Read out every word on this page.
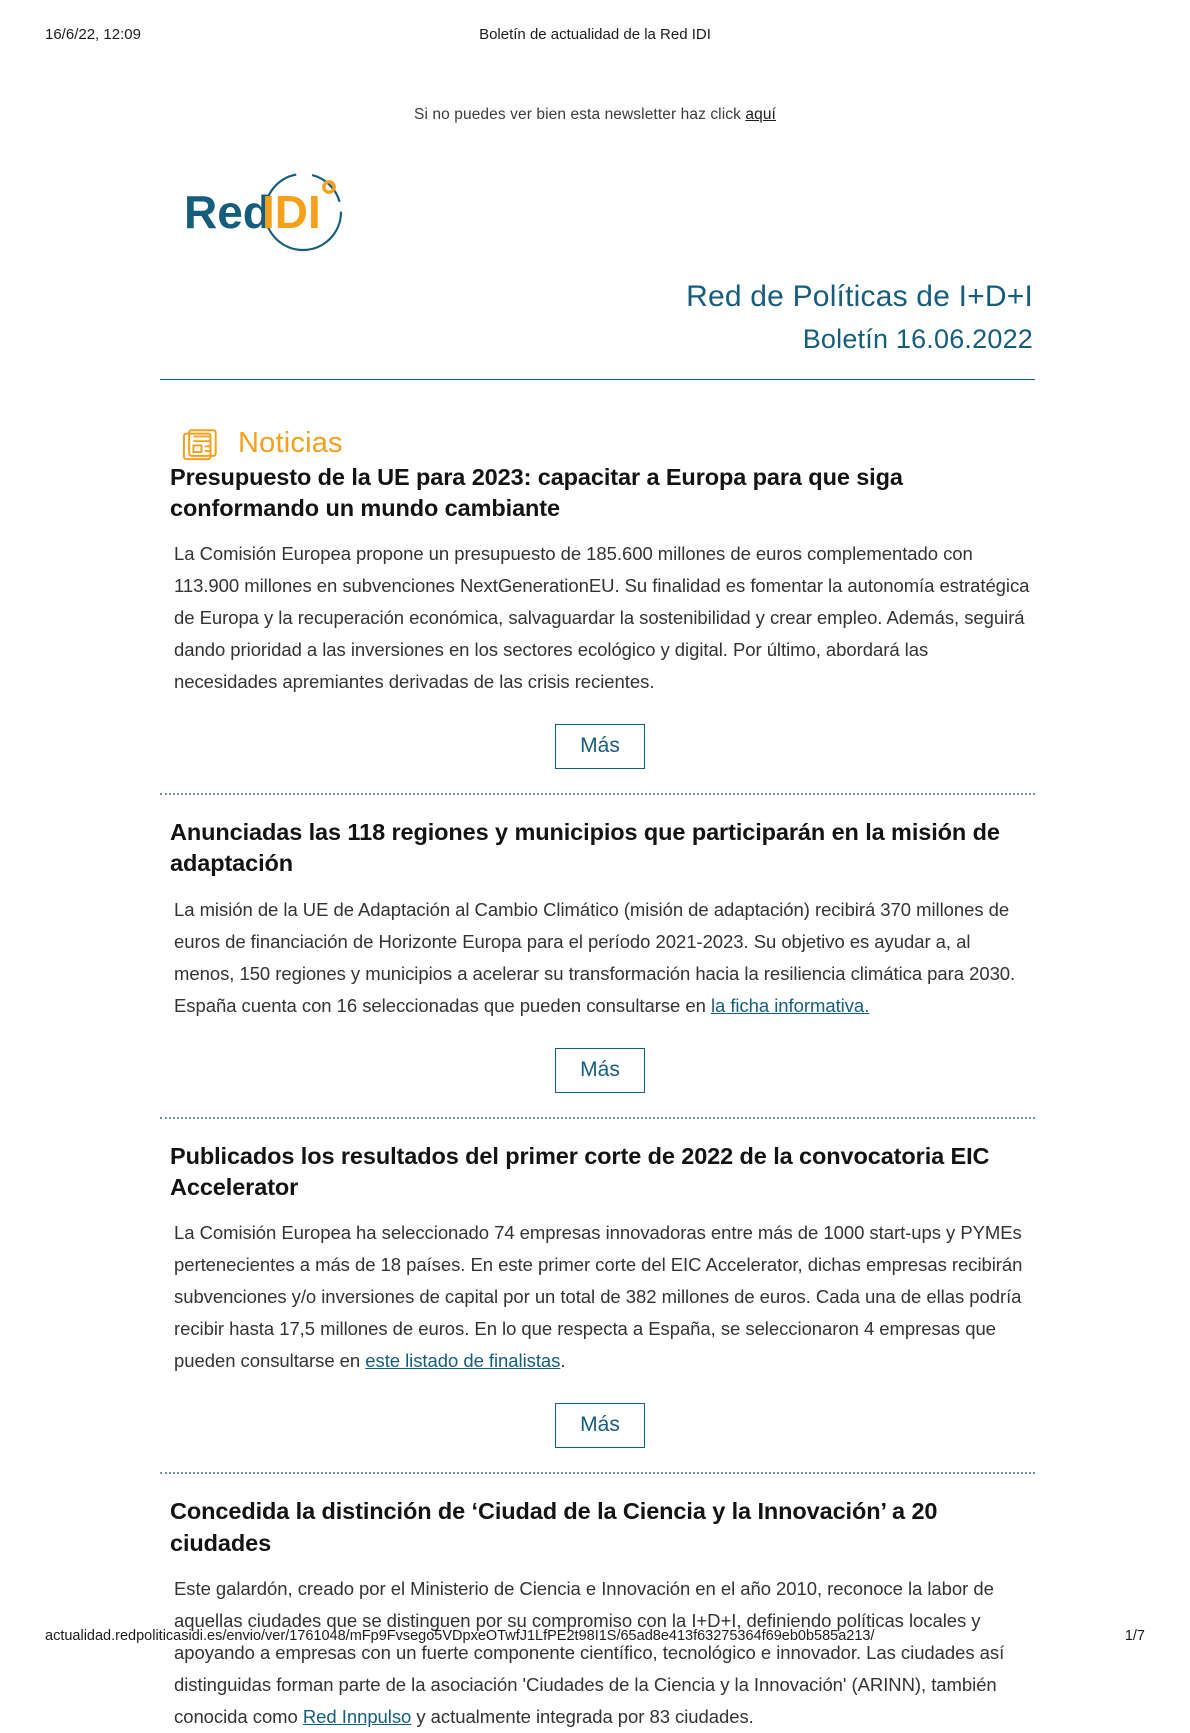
16/6/22, 12:09	Boletín de actualidad de la Red IDI
Si no puedes ver bien esta newsletter haz click aquí
Red
IDI
Red de Políticas de I+D+I
Boletín 16.06.2022
Noticias
Presupuesto de la UE para 2023: capacitar a Europa para que siga conformando un mundo cambiante

La Comisión Europea propone un presupuesto de 185.600 millones de euros complementado con 113.900 millones en subvenciones NextGenerationEU. Su finalidad es fomentar la autonomía estratégica de Europa y la recuperación económica, salvaguardar la sostenibilidad y crear empleo. Además, seguirá dando prioridad a las inversiones en los sectores ecológico y digital. Por último, abordará las necesidades apremiantes derivadas de las crisis recientes.

Más
Anunciadas las 118 regiones y municipios que participarán en la misión de adaptación

La misión de la UE de Adaptación al Cambio Climático (misión de adaptación) recibirá 370 millones de euros de financiación de Horizonte Europa para el período 2021-2023. Su objetivo es ayudar a, al menos, 150 regiones y municipios a acelerar su transformación hacia la resiliencia climática para 2030. España cuenta con 16 seleccionadas que pueden consultarse en la ficha informativa.

Más
Publicados los resultados del primer corte de 2022 de la convocatoria EIC Accelerator

La Comisión Europea ha seleccionado 74 empresas innovadoras entre más de 1000 start-ups y PYMEs pertenecientes a más de 18 países. En este primer corte del EIC Accelerator, dichas empresas recibirán subvenciones y/o inversiones de capital por un total de 382 millones de euros. Cada una de ellas podría recibir hasta 17,5 millones de euros. En lo que respecta a España, se seleccionaron 4 empresas que pueden consultarse en este listado de finalistas.

Más
Concedida la distinción de ‘Ciudad de la Ciencia y la Innovación’ a 20 ciudades

Este galardón, creado por el Ministerio de Ciencia e Innovación en el año 2010, reconoce la labor de aquellas ciudades que se distinguen por su compromiso con la I+D+I, definiendo políticas locales y apoyando a empresas con un fuerte componente científico, tecnológico e innovador. Las ciudades así distinguidas forman parte de la asociación 'Ciudades de la Ciencia y la Innovación' (ARINN), también conocida como Red Innpulso y actualmente integrada por 83 ciudades.

actualidad.redpoliticasidi.es/envio/ver/1761048/mFp9Fvsego5VDpxeOTwfJ1LfPE2t98I1S/65ad8e413f63275364f69eb0b585a213/	1/7
